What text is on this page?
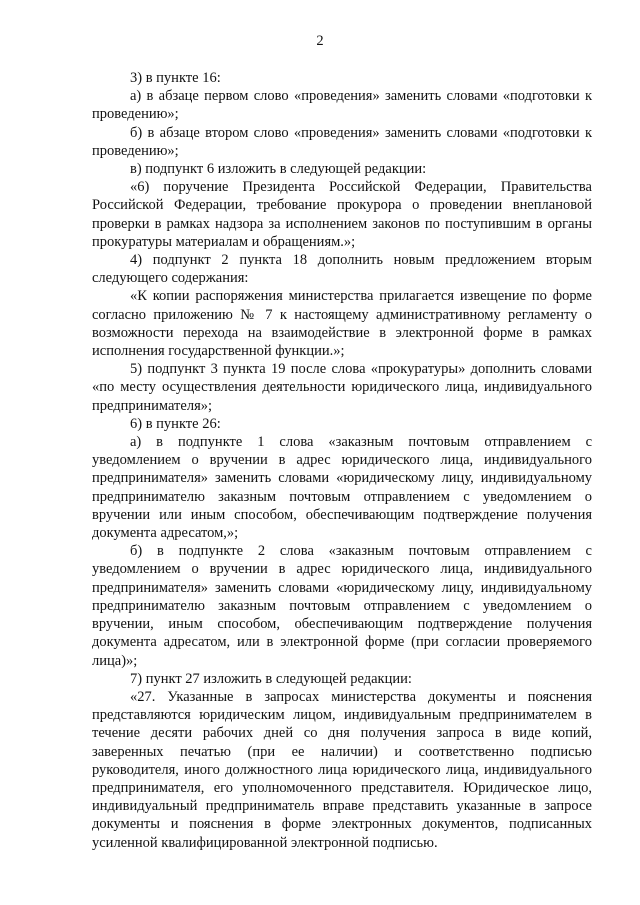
2

3) в пункте 16:

а) в абзаце первом слово «проведения» заменить словами «подготовки к проведению»;

б) в абзаце втором слово «проведения» заменить словами «подготовки к проведению»;

в) подпункт 6 изложить в следующей редакции:

«6) поручение Президента Российской Федерации, Правительства Российской Федерации, требование прокурора о проведении внеплановой проверки в рамках надзора за исполнением законов по поступившим в органы прокуратуры материалам и обращениям.»;

4) подпункт 2 пункта 18 дополнить новым предложением вторым следующего содержания:

«К копии распоряжения министерства прилагается извещение по форме согласно приложению № 7 к настоящему административному регламенту о возможности перехода на взаимодействие в электронной форме в рамках исполнения государственной функции.»;

5) подпункт 3 пункта 19 после слова «прокуратуры» дополнить словами «по месту осуществления деятельности юридического лица, индивидуального предпринимателя»;

6) в пункте 26:

а) в подпункте 1 слова «заказным почтовым отправлением с уведомлением о вручении в адрес юридического лица, индивидуального предпринимателя» заменить словами «юридическому лицу, индивидуальному предпринимателю заказным почтовым отправлением с уведомлением о вручении или иным способом, обеспечивающим подтверждение получения документа адресатом,»;

б) в подпункте 2 слова «заказным почтовым отправлением с уведомлением о вручении в адрес юридического лица, индивидуального предпринимателя» заменить словами «юридическому лицу, индивидуальному предпринимателю заказным почтовым отправлением с уведомлением о вручении, иным способом, обеспечивающим подтверждение получения документа адресатом, или в электронной форме (при согласии проверяемого лица)»;

7) пункт 27 изложить в следующей редакции:

«27. Указанные в запросах министерства документы и пояснения представляются юридическим лицом, индивидуальным предпринимателем в течение десяти рабочих дней со дня получения запроса в виде копий, заверенных печатью (при ее наличии) и соответственно подписью руководителя, иного должностного лица юридического лица, индивидуального предпринимателя, его уполномоченного представителя. Юридическое лицо, индивидуальный предприниматель вправе представить указанные в запросе документы и пояснения в форме электронных документов, подписанных усиленной квалифицированной электронной подписью.
